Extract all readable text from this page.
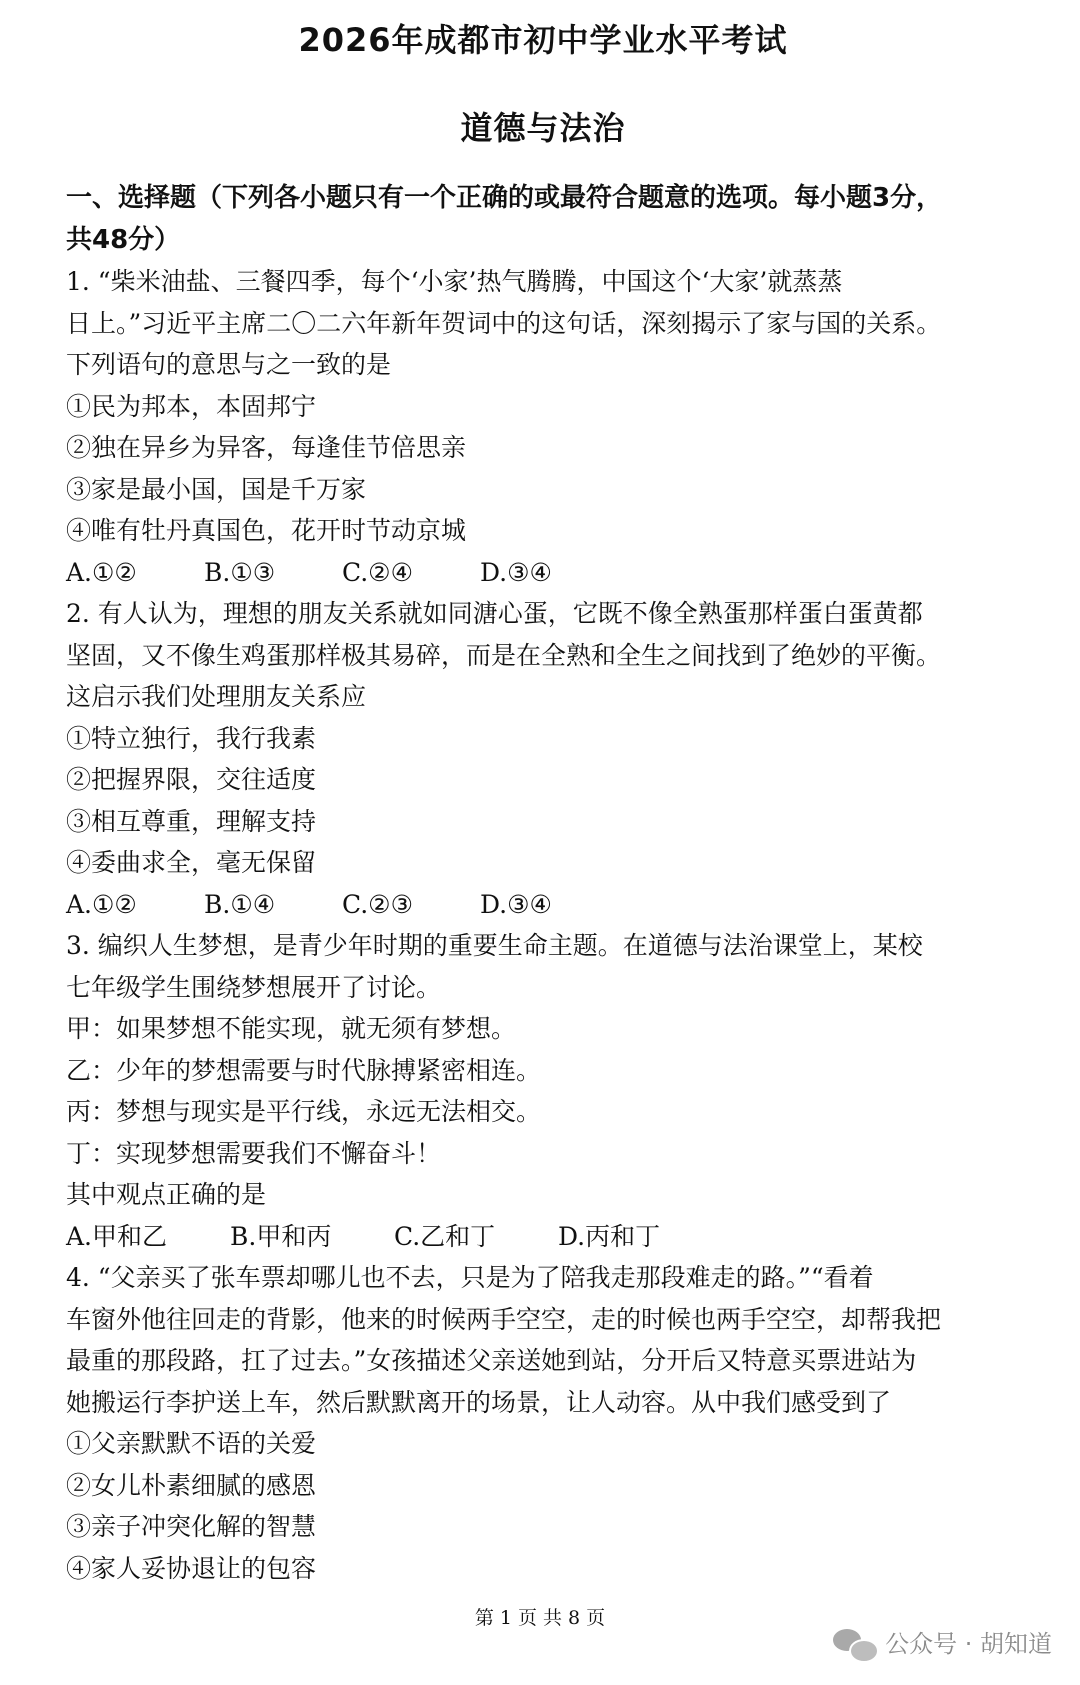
2026年成都市初中学业水平考试
道德与法治
一、选择题（下列各小题只有一个正确的或最符合题意的选项。每小题3分，
共48分）
1. “柴米油盐、三餐四季，每个‘小家’热气腾腾，中国这个‘大家’就蒸蒸
日上。”习近平主席二〇二六年新年贺词中的这句话，深刻揭示了家与国的关系。
下列语句的意思与之一致的是
①民为邦本，本固邦宁
②独在异乡为异客，每逢佳节倍思亲
③家是最小国，国是千万家
④唯有牡丹真国色，花开时节动京城
A.①②	B.①③	C.②④	D.③④
2. 有人认为，理想的朋友关系就如同溏心蛋，它既不像全熟蛋那样蛋白蛋黄都
坚固，又不像生鸡蛋那样极其易碎，而是在全熟和全生之间找到了绝妙的平衡。
这启示我们处理朋友关系应
①特立独行，我行我素
②把握界限，交往适度
③相互尊重，理解支持
④委曲求全，毫无保留
A.①②	B.①④	C.②③	D.③④
3. 编织人生梦想，是青少年时期的重要生命主题。在道德与法治课堂上，某校
七年级学生围绕梦想展开了讨论。
甲：如果梦想不能实现，就无须有梦想。
乙：少年的梦想需要与时代脉搏紧密相连。
丙：梦想与现实是平行线，永远无法相交。
丁：实现梦想需要我们不懈奋斗！
其中观点正确的是
A.甲和乙	B.甲和丙	C.乙和丁	D.丙和丁
4. “父亲买了张车票却哪儿也不去，只是为了陪我走那段难走的路。”“看着
车窗外他往回走的背影，他来的时候两手空空，走的时候也两手空空，却帮我把
最重的那段路，扛了过去。”女孩描述父亲送她到站，分开后又特意买票进站为
她搬运行李护送上车，然后默默离开的场景，让人动容。从中我们感受到了
①父亲默默不语的关爱
②女儿朴素细腻的感恩
③亲子冲突化解的智慧
④家人妥协退让的包容
第 1 页 共 8 页
公众号 · 胡知道
